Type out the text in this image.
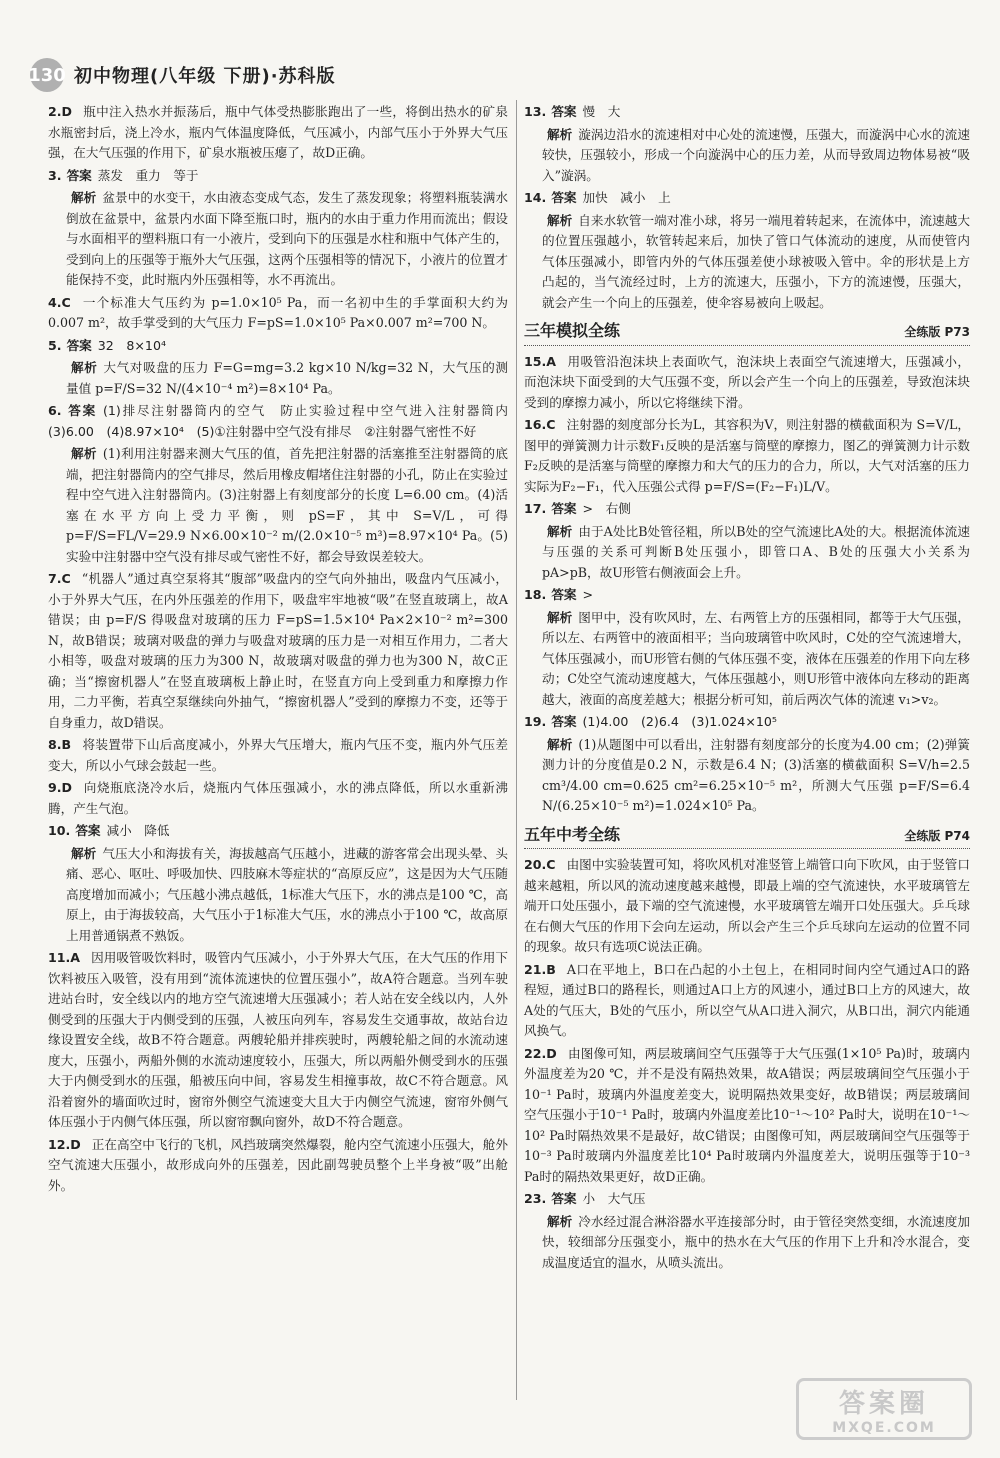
130 初中物理(八年级 下册)·苏科版
2.D 瓶中注入热水并振荡后，瓶中气体受热膨胀跑出了一些，将倒出热水的矿泉水瓶密封后，浇上冷水，瓶内气体温度降低，气压减小，内部气压小于外界大气压强，在大气压强的作用下，矿泉水瓶被压瘪了，故D正确。
3. 答案 蒸发　重力　等于
解析 盆景中的水变干，水由液态变成气态，发生了蒸发现象；将塑料瓶装满水倒放在盆景中，盆景内水面下降至瓶口时，瓶内的水由于重力作用而流出；假设与水面相平的塑料瓶口有一小液片，受到向下的压强是水柱和瓶中气体产生的，受到向上的压强等于瓶外大气压强，这两个压强相等的情况下，小液片的位置才能保持不变，此时瓶内外压强相等，水不再流出。
4.C 一个标准大气压约为 p=1.0×10⁵ Pa，而一名初中生的手掌面积大约为 0.007 m²，故手掌受到的大气压力 F=pS=1.0×10⁵ Pa×0.007 m²=700 N。
5. 答案 32　8×10⁴
解析 大气对吸盘的压力 F=G=mg=3.2 kg×10 N/kg=32 N，大气压的测量值 p=F/S=32 N/(4×10⁻⁴ m²)=8×10⁴ Pa。
6. 答案 (1)排尽注射器筒内的空气　防止实验过程中空气进入注射器筒内　(3)6.00　(4)8.97×10⁴　(5)①注射器中空气没有排尽　②注射器气密性不好
解析 (1)利用注射器来测大气压的值，首先把注射器的活塞推至注射器筒的底端，把注射器筒内的空气排尽，然后用橡皮帽堵住注射器的小孔，防止在实验过程中空气进入注射器筒内。(3)注射器上有刻度部分的长度 L=6.00 cm。(4)活塞在水平方向上受力平衡，则 pS=F，其中 S=V/L，可得 p=F/S=FL/V=29.9 N×6.00×10⁻² m/(2.0×10⁻⁵ m³)=8.97×10⁴ Pa。(5)实验中注射器中空气没有排尽或气密性不好，都会导致误差较大。
7.C “机器人”通过真空泵将其“腹部”吸盘内的空气向外抽出，吸盘内气压减小，小于外界大气压，在内外压强差的作用下，吸盘牢牢地被“吸”在竖直玻璃上，故A错误；由 p=F/S 得吸盘对玻璃的压力 F=pS=1.5×10⁴ Pa×2×10⁻² m²=300 N，故B错误；玻璃对吸盘的弹力与吸盘对玻璃的压力是一对相互作用力，二者大小相等，吸盘对玻璃的压力为300 N，故玻璃对吸盘的弹力也为300 N，故C正确；当“擦窗机器人”在竖直玻璃板上静止时，在竖直方向上受到重力和摩擦力作用，二力平衡，若真空泵继续向外抽气，“擦窗机器人”受到的摩擦力不变，还等于自身重力，故D错误。
8.B 将装置带下山后高度减小，外界大气压增大，瓶内气压不变，瓶内外气压差变大，所以小气球会鼓起一些。
9.D 向烧瓶底浇冷水后，烧瓶内气体压强减小，水的沸点降低，所以水重新沸腾，产生气泡。
10. 答案 减小　降低
解析 气压大小和海拔有关，海拔越高气压越小，进藏的游客常会出现头晕、头痛、恶心、呕吐、呼吸加快、四肢麻木等症状的“高原反应”，这是因为大气压随高度增加而减小；气压越小沸点越低，1标准大气压下，水的沸点是100 ℃，高原上，由于海拔较高，大气压小于1标准大气压，水的沸点小于100 ℃，故高原上用普通锅煮不熟饭。
11.A 因用吸管吸饮料时，吸管内气压减小，小于外界大气压，在大气压的作用下饮料被压入吸管，没有用到“流体流速快的位置压强小”，故A符合题意。当列车驶进站台时，安全线以内的地方空气流速增大压强减小；若人站在安全线以内，人外侧受到的压强大于内侧受到的压强，人被压向列车，容易发生交通事故，故站台边缘设置安全线，故B不符合题意。两艘轮船并排疾驶时，两艘轮船之间的水流动速度大，压强小，两船外侧的水流动速度较小，压强大，所以两船外侧受到水的压强大于内侧受到水的压强，船被压向中间，容易发生相撞事故，故C不符合题意。风沿着窗外的墙面吹过时，窗帘外侧空气流速变大且大于内侧空气流速，窗帘外侧气体压强小于内侧气体压强，所以窗帘飘向窗外，故D不符合题意。
12.D 正在高空中飞行的飞机，风挡玻璃突然爆裂，舱内空气流速小压强大，舱外空气流速大压强小，故形成向外的压强差，因此副驾驶员整个上半身被“吸”出舱外。
13. 答案 慢　大
解析 漩涡边沿水的流速相对中心处的流速慢，压强大，而漩涡中心水的流速较快，压强较小，形成一个向漩涡中心的压力差，从而导致周边物体易被“吸入”漩涡。
14. 答案 加快　减小　上
解析 自来水软管一端对准小球，将另一端甩着转起来，在流体中，流速越大的位置压强越小，软管转起来后，加快了管口气体流动的速度，从而使管内气体压强减小，即管内外的气体压强差使小球被吸入管中。伞的形状是上方凸起的，当气流经过时，上方的流速大，压强小，下方的流速慢，压强大，就会产生一个向上的压强差，使伞容易被向上吸起。
三年模拟全练	全练版 P73
15.A 用吸管沿泡沫块上表面吹气，泡沫块上表面空气流速增大，压强减小，而泡沫块下面受到的大气压强不变，所以会产生一个向上的压强差，导致泡沫块受到的摩擦力减小，所以它将继续下滑。
16.C 注射器的刻度部分长为L，其容积为V，则注射器的横截面积为 S=V/L，图甲的弹簧测力计示数F₁反映的是活塞与筒壁的摩擦力，图乙的弹簧测力计示数F₂反映的是活塞与筒壁的摩擦力和大气的压力的合力，所以，大气对活塞的压力实际为F₂−F₁，代入压强公式得 p=F/S=(F₂−F₁)L/V。
17. 答案 >　右侧
解析 由于A处比B处管径粗，所以B处的空气流速比A处的大。根据流体流速与压强的关系可判断B处压强小，即管口A、B处的压强大小关系为 pA>pB，故U形管右侧液面会上升。
18. 答案 >
解析 图甲中，没有吹风时，左、右两管上方的压强相同，都等于大气压强，所以左、右两管中的液面相平；当向玻璃管中吹风时，C处的空气流速增大，气体压强减小，而U形管右侧的气体压强不变，液体在压强差的作用下向左移动；C处空气流动速度越大，气体压强越小，则U形管中液体向左移动的距离越大，液面的高度差越大；根据分析可知，前后两次气体的流速 v₁>v₂。
19. 答案 (1)4.00　(2)6.4　(3)1.024×10⁵
解析 (1)从题图中可以看出，注射器有刻度部分的长度为4.00 cm；(2)弹簧测力计的分度值是0.2 N，示数是6.4 N；(3)活塞的横截面积 S=V/h=2.5 cm³/4.00 cm=0.625 cm²=6.25×10⁻⁵ m²，所测大气压强 p=F/S=6.4 N/(6.25×10⁻⁵ m²)=1.024×10⁵ Pa。
五年中考全练	全练版 P74
20.C 由图中实验装置可知，将吹风机对准竖管上端管口向下吹风，由于竖管口越来越粗，所以风的流动速度越来越慢，即最上端的空气流速快，水平玻璃管左端开口处压强小，最下端的空气流速慢，水平玻璃管左端开口处压强大。乒乓球在右侧大气压的作用下会向左运动，所以会产生三个乒乓球向左运动的位置不同的现象。故只有选项C说法正确。
21.B A口在平地上，B口在凸起的小土包上，在相同时间内空气通过A口的路程短，通过B口的路程长，则通过A口上方的风速小，通过B口上方的风速大，故A处的气压大，B处的气压小，所以空气从A口进入洞穴，从B口出，洞穴内能通风换气。
22.D 由图像可知，两层玻璃间空气压强等于大气压强(1×10⁵ Pa)时，玻璃内外温度差为20 ℃，并不是没有隔热效果，故A错误；两层玻璃间空气压强小于10⁻¹ Pa时，玻璃内外温度差变大，说明隔热效果变好，故B错误；两层玻璃间空气压强小于10⁻¹ Pa时，玻璃内外温度差比10⁻¹～10² Pa时大，说明在10⁻¹～10² Pa时隔热效果不是最好，故C错误；由图像可知，两层玻璃间空气压强等于10⁻³ Pa时玻璃内外温度差比10⁴ Pa时玻璃内外温度差大，说明压强等于10⁻³ Pa时的隔热效果更好，故D正确。
23. 答案 小　大气压
解析 冷水经过混合淋浴器水平连接部分时，由于管径突然变细，水流速度加快，较细部分压强变小，瓶中的热水在大气压的作用下上升和冷水混合，变成温度适宜的温水，从喷头流出。
答案圈
MXQE.COM
